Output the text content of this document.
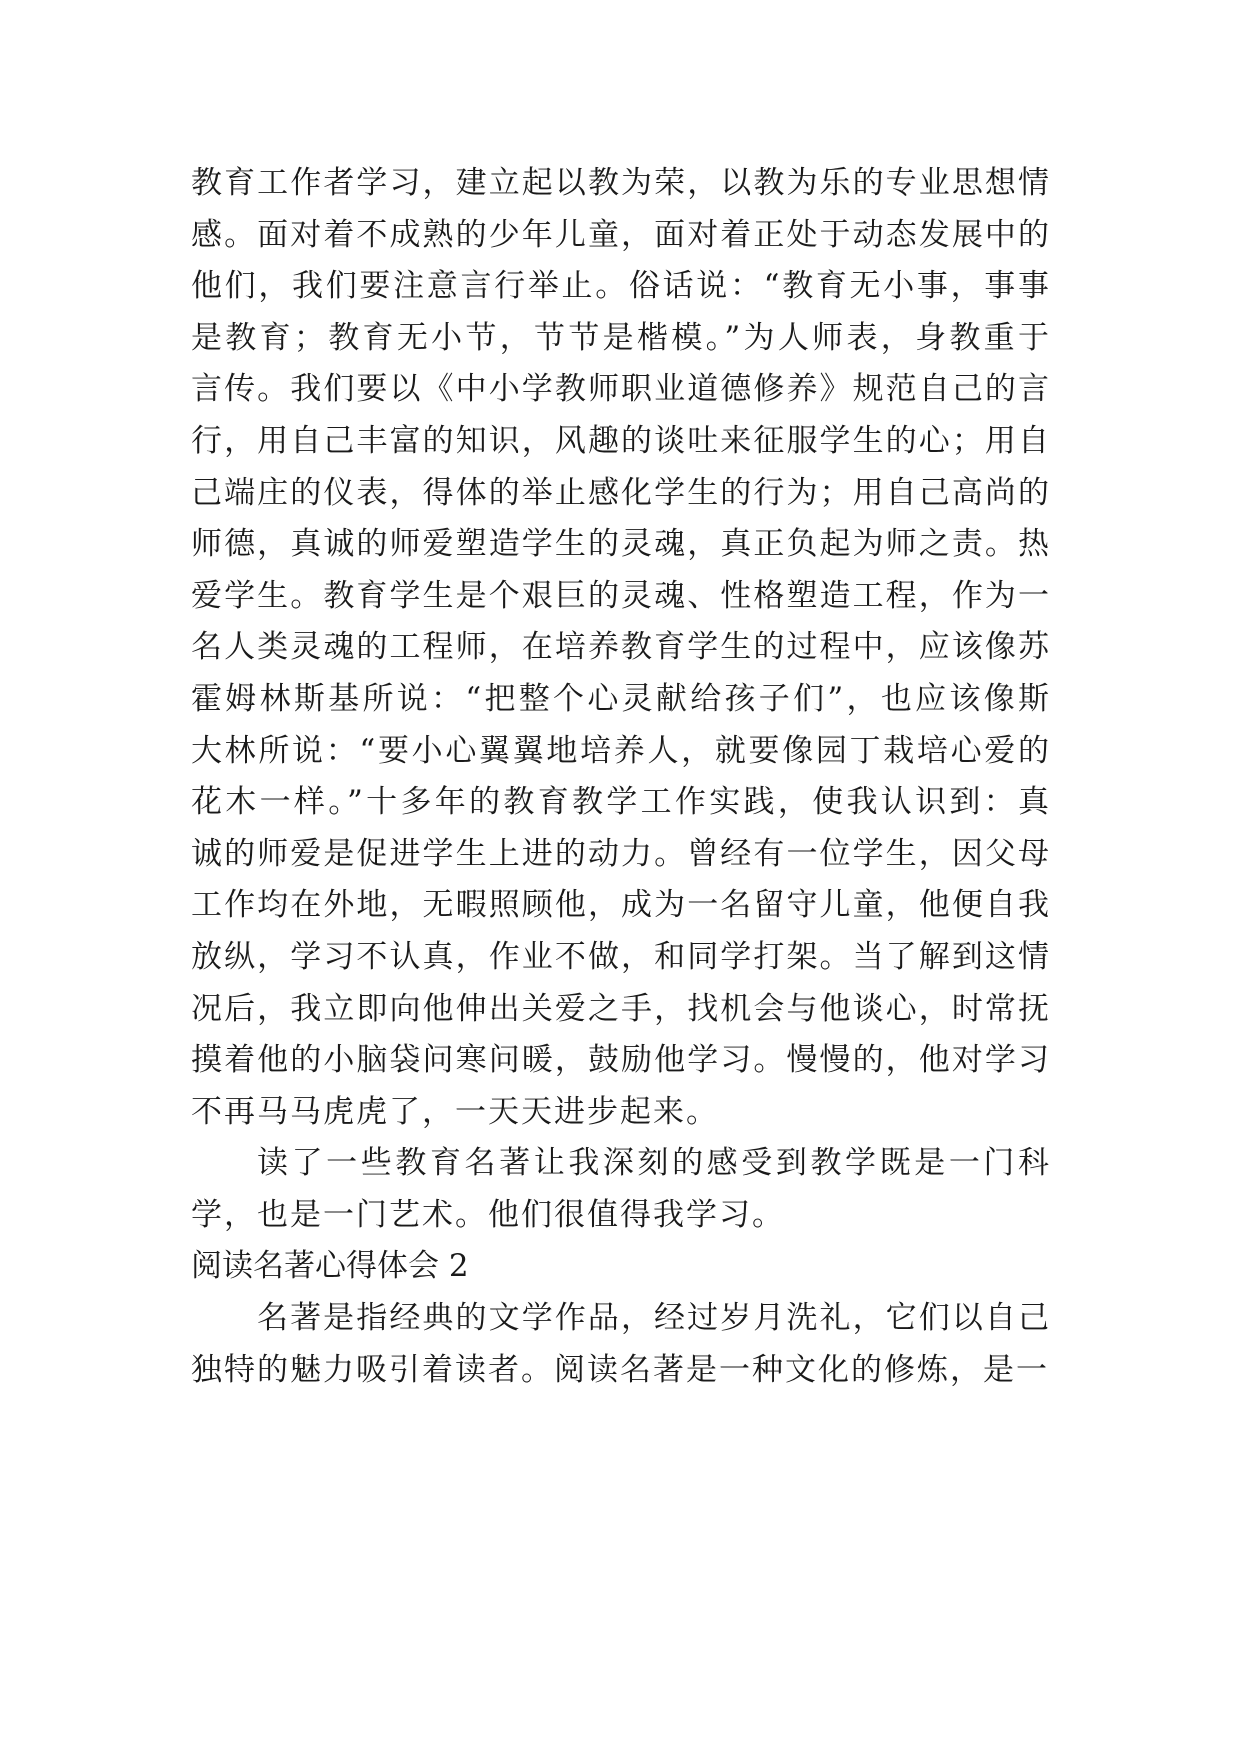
教育工作者学习，建立起以教为荣，以教为乐的专业思想情感。面对着不成熟的少年儿童，面对着正处于动态发展中的他们，我们要注意言行举止。俗话说：“教育无小事，事事是教育；教育无小节，节节是楷模。”为人师表，身教重于言传。我们要以《中小学教师职业道德修养》规范自己的言行，用自己丰富的知识，风趣的谈吐来征服学生的心；用自己端庄的仪表，得体的举止感化学生的行为；用自己高尚的师德，真诚的师爱塑造学生的灵魂，真正负起为师之责。热爱学生。教育学生是个艰巨的灵魂、性格塑造工程，作为一名人类灵魂的工程师，在培养教育学生的过程中，应该像苏霍姆林斯基所说：“把整个心灵献给孩子们”，也应该像斯大林所说：“要小心翼翼地培养人，就要像园丁栽培心爱的花木一样。”十多年的教育教学工作实践，使我认识到：真诚的师爱是促进学生上进的动力。曾经有一位学生，因父母工作均在外地，无暇照顾他，成为一名留守儿童，他便自我放纵，学习不认真，作业不做，和同学打架。当了解到这情况后，我立即向他伸出关爱之手，找机会与他谈心，时常抚摸着他的小脑袋问寒问暖，鼓励他学习。慢慢的，他对学习不再马马虎虎了，一天天进步起来。

读了一些教育名著让我深刻的感受到教学既是一门科学，也是一门艺术。他们很值得我学习。

阅读名著心得体会 2

名著是指经典的文学作品，经过岁月洗礼，它们以自己独特的魅力吸引着读者。阅读名著是一种文化的修炼，是一
